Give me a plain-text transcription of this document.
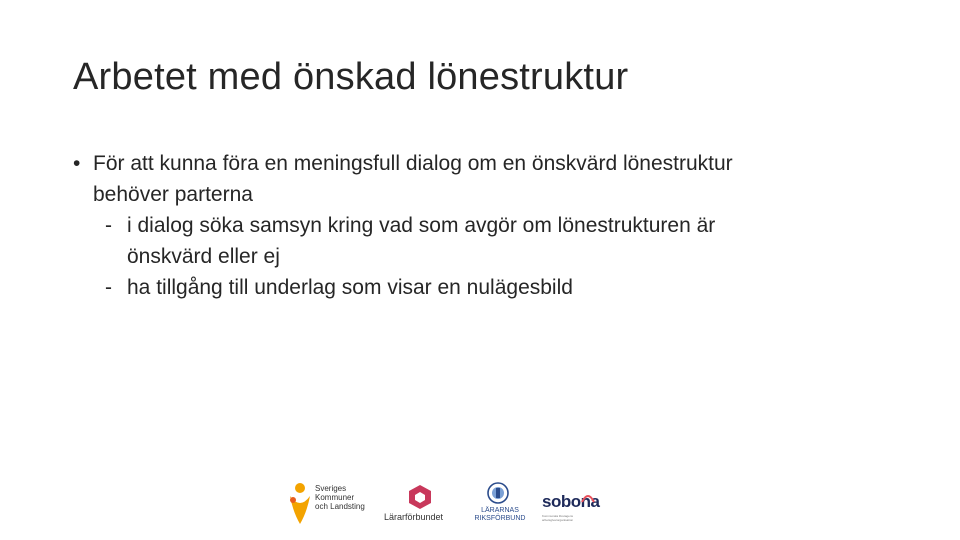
Arbetet med önskad lönestruktur
• För att kunna föra en meningsfull dialog om en önskvärd lönestruktur
behöver parterna
- i dialog söka samsyn kring vad som avgör om lönestrukturen är
önskvärd eller ej
- ha tillgång till underlag som visar en nulägesbild
Sveriges
Kommuner
och Landsting
Lärarförbundet
LÄRARNAS
RIKSFÖRBUND
sobona
Kommunala företagens arbetsgivarorganisation
